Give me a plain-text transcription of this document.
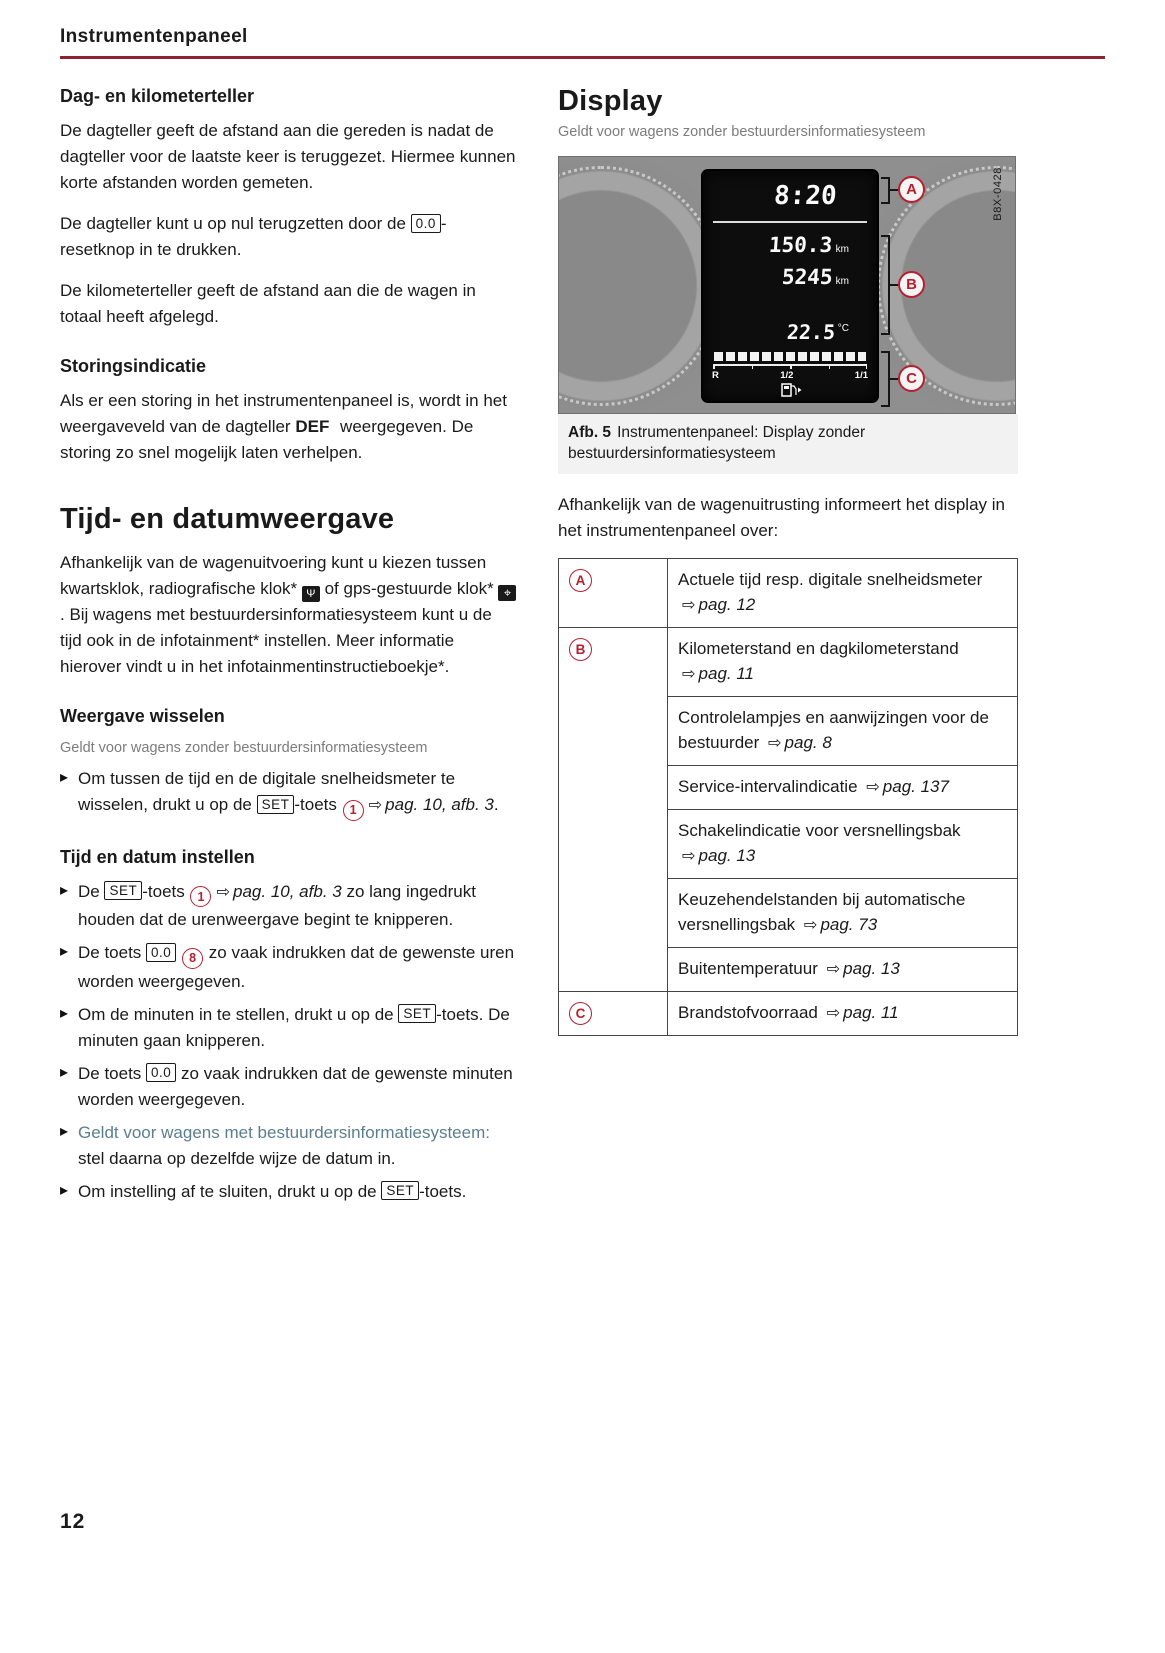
Instrumentenpaneel
Dag- en kilometerteller

De dagteller geeft de afstand aan die gereden is nadat de dagteller voor de laatste keer is teruggezet. Hiermee kunnen korte afstanden worden gemeten.

De dagteller kunt u op nul terugzetten door de 0.0 -resetknop in te drukken.

De kilometerteller geeft de afstand aan die de wagen in totaal heeft afgelegd.

Storingsindicatie

Als er een storing in het instrumentenpaneel is, wordt in het weergaveveld van de dagteller DEF weergegeven. De storing zo snel mogelijk laten verhelpen.

Tijd- en datumweergave

Afhankelijk van de wagenuitvoering kunt u kiezen tussen kwartsklok, radiografische klok* Ψ of gps-gestuurde klok* ⌖. Bij wagens met bestuurdersinformatiesysteem kunt u de tijd ook in de infotainment* instellen. Meer informatie hierover vindt u in het infotainmentinstructieboekje*.

Weergave wisselen
Geldt voor wagens zonder bestuurdersinformatiesysteem
▸ Om tussen de tijd en de digitale snelheidsmeter te wisselen, drukt u op de SET -toets 1 ⇨ pag. 10, afb. 3.
Tijd en datum instellen
▸ De SET -toets 1 ⇨ pag. 10, afb. 3 zo lang ingedrukt houden dat de urenweergave begint te knipperen.
▸ De toets 0.0 8 zo vaak indrukken dat de gewenste uren worden weergegeven.
▸ Om de minuten in te stellen, drukt u op de SET -toets. De minuten gaan knipperen.
▸ De toets 0.0 zo vaak indrukken dat de gewenste minuten worden weergegeven.
▸ Geldt voor wagens met bestuurdersinformatiesysteem: stel daarna op dezelfde wijze de datum in.
▸ Om instelling af te sluiten, drukt u op de SET -toets.
Display
Geldt voor wagens zonder bestuurdersinformatiesysteem
8:20
150.3 km
5245 km
22.5 $^{^\circ C}$
R	1/2	1/1
A
B
C
B8X-0428
Afb. 5 Instrumentenpaneel: Display zonder bestuurdersinformatiesysteem

Afhankelijk van de wagenuitrusting informeert het display in het instrumentenpaneel over:

A	Actuele tijd resp. digitale snelheidsmeter ⇨ pag. 12
B	Kilometerstand en dagkilometerstand ⇨ pag. 11
	Controlelampjes en aanwijzingen voor de bestuurder ⇨ pag. 8
	Service-intervalindicatie ⇨ pag. 137
	Schakelindicatie voor versnellingsbak ⇨ pag. 13
	Keuzehendelstanden bij automatische versnellingsbak ⇨ pag. 73
	Buitentemperatuur ⇨ pag. 13
C	Brandstofvoorraad ⇨ pag. 11
12
